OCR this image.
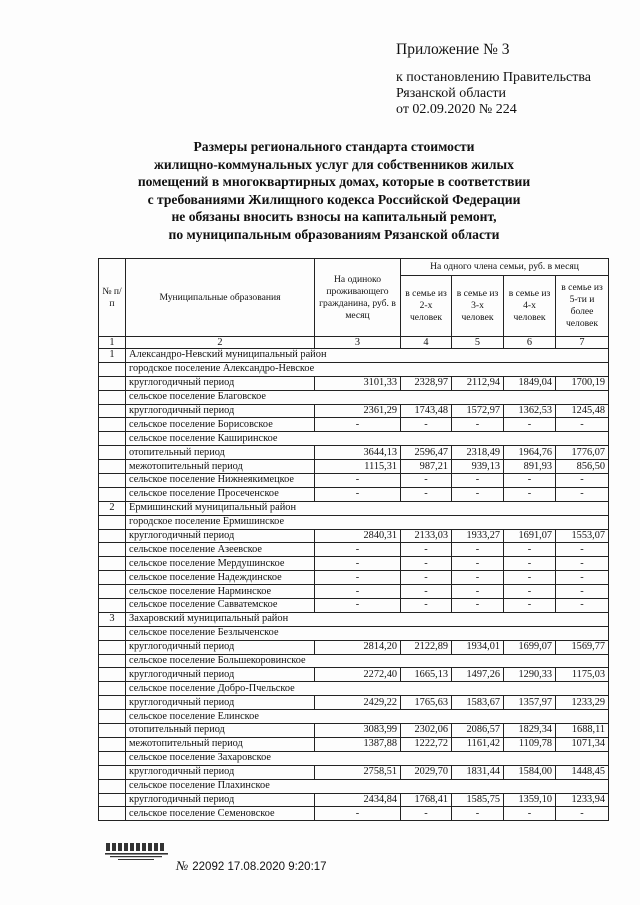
Приложение № 3
к постановлению Правительства
Рязанской области
от 02.09.2020 № 224
Размеры регионального стандарта стоимости
жилищно-коммунальных услуг для собственников жилых
помещений в многоквартирных домах, которые в соответствии
с требованиями Жилищного кодекса Российской Федерации
не обязаны вносить взносы на капитальный ремонт,
по муниципальным образованиям Рязанской области
№ п/п	Муниципальные образования	На одиноко проживающего гражданина, руб. в месяц	На одного члена семьи, руб. в месяц			
			в семье из 2-х человек	в семье из 3-х человек	в семье из 4-х человек	в семье из 5-ти и более человек
1	2	3	4	5	6	7
1	Александро-Невский муниципальный район					
	городское поселение Александро-Невское					
	круглогодичный период	3101,33	2328,97	2112,94	1849,04	1700,19
	сельское поселение Благовское					
	круглогодичный период	2361,29	1743,48	1572,97	1362,53	1245,48
	сельское поселение Борисовское	-	-	-	-	-
	сельское поселение Каширинское					
	отопительный период	3644,13	2596,47	2318,49	1964,76	1776,07
	межотопительный период	1115,31	987,21	939,13	891,93	856,50
	сельское поселение Нижнеякимецкое	-	-	-	-	-
	сельское поселение Просеченское	-	-	-	-	-
2	Ермишинский муниципальный район					
	городское поселение Ермишинское					
	круглогодичный период	2840,31	2133,03	1933,27	1691,07	1553,07
	сельское поселение Азеевское	-	-	-	-	-
	сельское поселение Мердушинское	-	-	-	-	-
	сельское поселение Надеждинское	-	-	-	-	-
	сельское поселение Нарминское	-	-	-	-	-
	сельское поселение Савватемское	-	-	-	-	-
3	Захаровский муниципальный район					
	сельское поселение Безлыченское					
	круглогодичный период	2814,20	2122,89	1934,01	1699,07	1569,77
	сельское поселение Большекоровинское					
	круглогодичный период	2272,40	1665,13	1497,26	1290,33	1175,03
	сельское поселение Добро-Пчельское					
	круглогодичный период	2429,22	1765,63	1583,67	1357,97	1233,29
	сельское поселение Елинское					
	отопительный период	3083,99	2302,06	2086,57	1829,34	1688,11
	межотопительный период	1387,88	1222,72	1161,42	1109,78	1071,34
	сельское поселение Захаровское					
	круглогодичный период	2758,51	2029,70	1831,44	1584,00	1448,45
	сельское поселение Плахинское					
	круглогодичный период	2434,84	1768,41	1585,75	1359,10	1233,94
	сельское поселение Семеновское	-	-	-	-	-
№ 22092 17.08.2020 9:20:17
